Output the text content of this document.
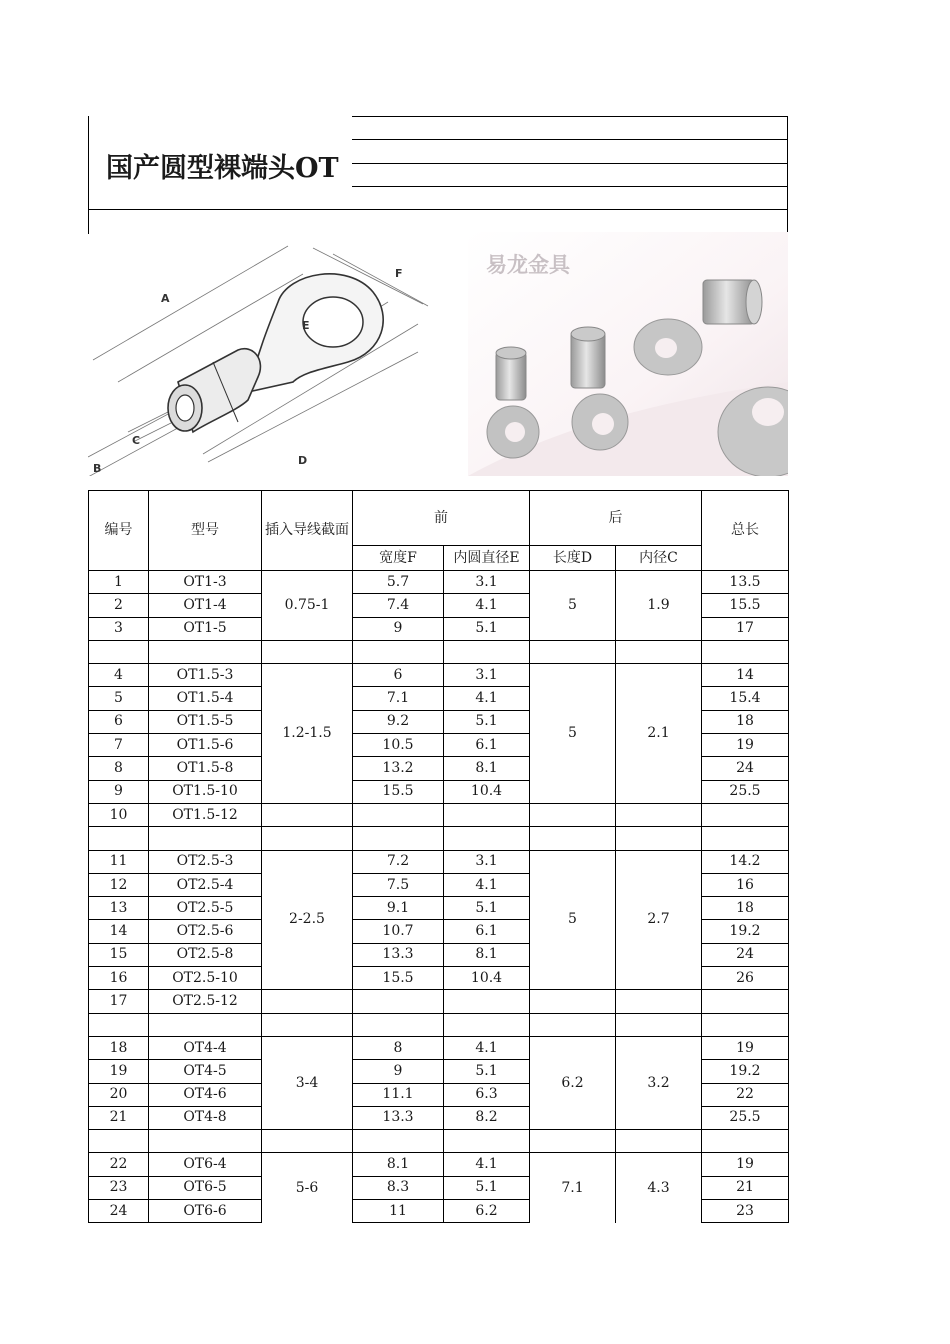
国产圆型裸端头OT
A
B
C
D
E
F	易龙金具
编号	型号	插入导线截面	前		后		总长
			宽度F	内圆直径E	长度D	内径C	
1	OT1-3	0.75-1	5.7	3.1	5	1.9	13.5
2	OT1-4		7.4	4.1			15.5
3	OT1-5		9	5.1			17

4	OT1.5-3	1.2-1.5	6	3.1	5	2.1	14
5	OT1.5-4		7.1	4.1			15.4
6	OT1.5-5		9.2	5.1			18
7	OT1.5-6		10.5	6.1			19
8	OT1.5-8		13.2	8.1			24
9	OT1.5-10		15.5	10.4			25.5
10	OT1.5-12						

11	OT2.5-3	2-2.5	7.2	3.1	5	2.7	14.2
12	OT2.5-4		7.5	4.1			16
13	OT2.5-5		9.1	5.1			18
14	OT2.5-6		10.7	6.1			19.2
15	OT2.5-8		13.3	8.1			24
16	OT2.5-10		15.5	10.4			26
17	OT2.5-12						

18	OT4-4	3-4	8	4.1	6.2	3.2	19
19	OT4-5		9	5.1			19.2
20	OT4-6		11.1	6.3			22
21	OT4-8		13.3	8.2			25.5

22	OT6-4	5-6	8.1	4.1	7.1	4.3	19
23	OT6-5		8.3	5.1			21
24	OT6-6		11	6.2			23
